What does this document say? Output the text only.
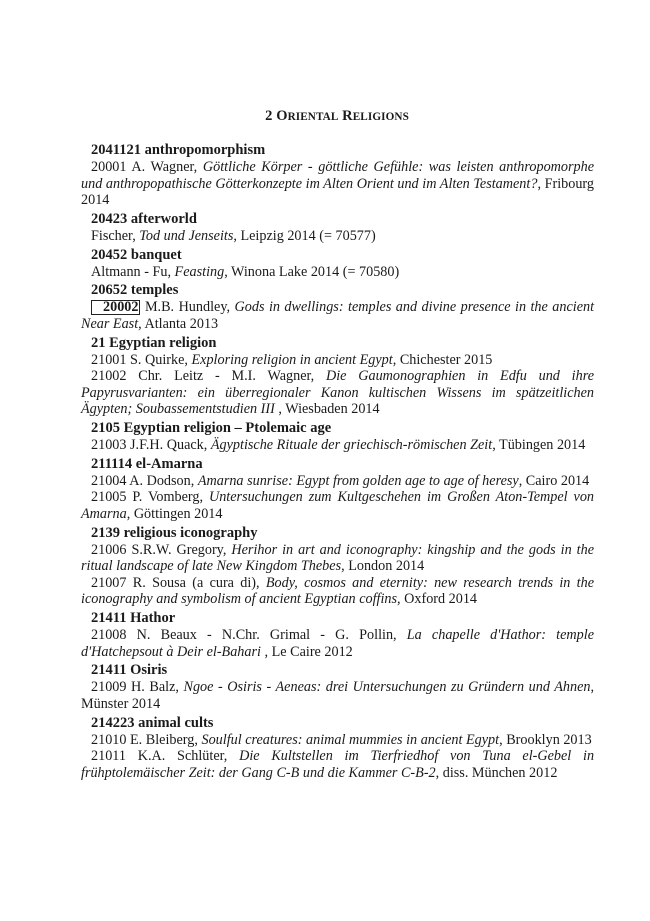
2 ORIENTAL RELIGIONS
2041121 anthropomorphism

20001 A. Wagner, Göttliche Körper - göttliche Gefühle: was leisten anthropomorphe und anthropopathische Götterkonzepte im Alten Orient und im Alten Testament?, Fribourg 2014

20423 afterworld

Fischer, Tod und Jenseits, Leipzig 2014 (= 70577)

20452 banquet

Altmann - Fu, Feasting, Winona Lake 2014 (= 70580)

20652 temples

20002 M.B. Hundley, Gods in dwellings: temples and divine presence in the ancient Near East, Atlanta 2013

21 Egyptian religion

21001 S. Quirke, Exploring religion in ancient Egypt, Chichester 2015

21002 Chr. Leitz - M.I. Wagner, Die Gaumonographien in Edfu und ihre Papyrusvarianten: ein überregionaler Kanon kultischen Wissens im spätzeitlichen Ägypten; Soubassementstudien III , Wiesbaden 2014

2105 Egyptian religion – Ptolemaic age

21003 J.F.H. Quack, Ägyptische Rituale der griechisch-römischen Zeit, Tübingen 2014

211114 el-Amarna

21004 A. Dodson, Amarna sunrise: Egypt from golden age to age of heresy, Cairo 2014

21005 P. Vomberg, Untersuchungen zum Kultgeschehen im Großen Aton-Tempel von Amarna, Göttingen 2014

2139 religious iconography

21006 S.R.W. Gregory, Herihor in art and iconography: kingship and the gods in the ritual landscape of late New Kingdom Thebes, London 2014

21007 R. Sousa (a cura di), Body, cosmos and eternity: new research trends in the iconography and symbolism of ancient Egyptian coffins, Oxford 2014

21411 Hathor

21008 N. Beaux - N.Chr. Grimal - G. Pollin, La chapelle d'Hathor: temple d'Hatchepsout à Deir el-Bahari , Le Caire 2012

21411 Osiris

21009 H. Balz, Ngoe - Osiris - Aeneas: drei Untersuchungen zu Gründern und Ahnen, Münster 2014

214223 animal cults

21010 E. Bleiberg, Soulful creatures: animal mummies in ancient Egypt, Brooklyn 2013

21011 K.A. Schlüter, Die Kultstellen im Tierfriedhof von Tuna el-Gebel in frühptolemäischer Zeit: der Gang C-B und die Kammer C-B-2, diss. München 2012
